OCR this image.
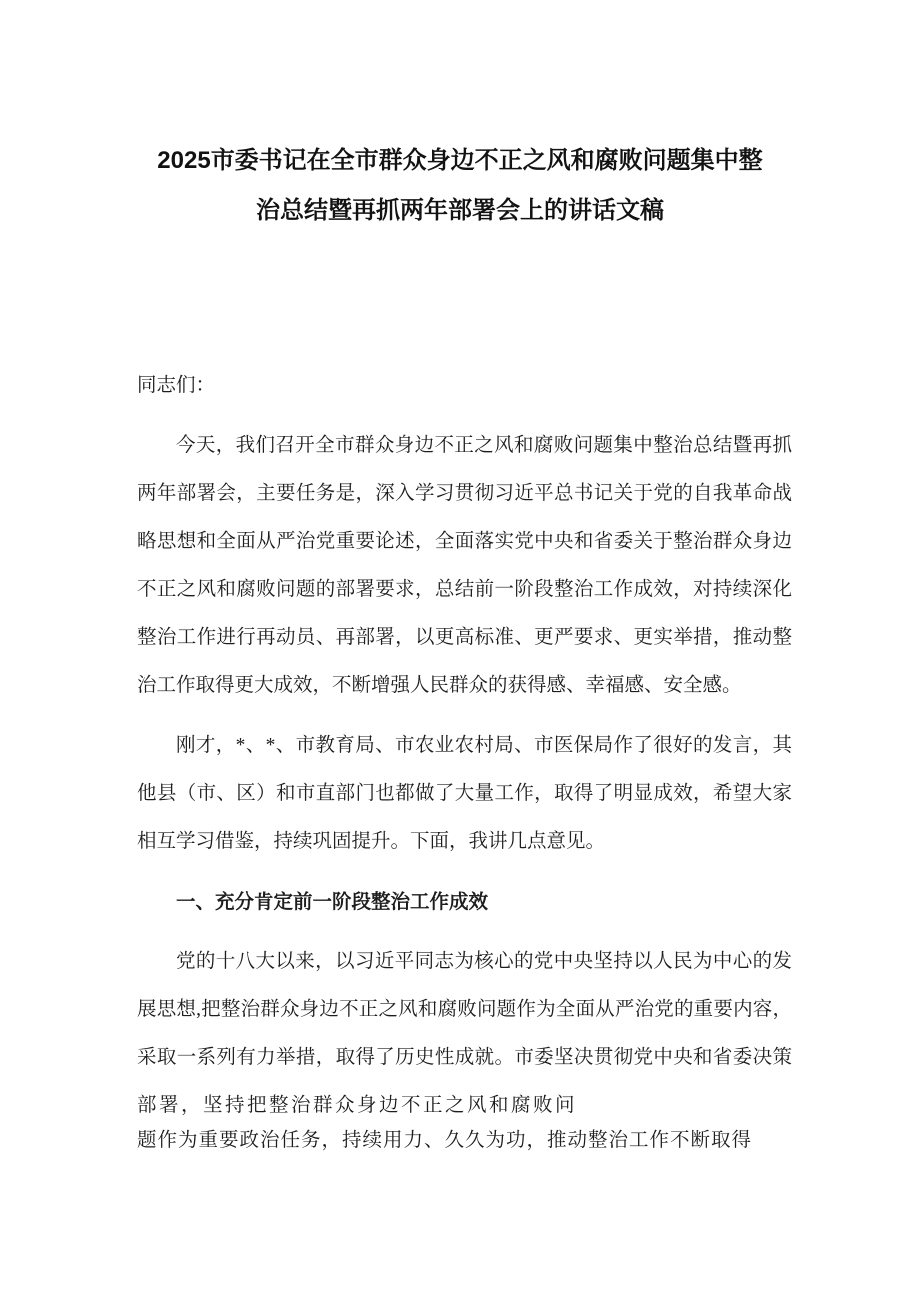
2025市委书记在全市群众身边不正之风和腐败问题集中整
治总结暨再抓两年部署会上的讲话文稿
同志们：
今天，我们召开全市群众身边不正之风和腐败问题集中整治总结暨再抓
两年部署会，主要任务是，深入学习贯彻习近平总书记关于党的自我革命战
略思想和全面从严治党重要论述，全面落实党中央和省委关于整治群众身边
不正之风和腐败问题的部署要求，总结前一阶段整治工作成效，对持续深化
整治工作进行再动员、再部署，以更高标准、更严要求、更实举措，推动整
治工作取得更大成效，不断增强人民群众的获得感、幸福感、安全感。
刚才，*、*、市教育局、市农业农村局、市医保局作了很好的发言，其
他县（市、区）和市直部门也都做了大量工作，取得了明显成效，希望大家
相互学习借鉴，持续巩固提升。下面，我讲几点意见。
一、充分肯定前一阶段整治工作成效
党的十八大以来，以习近平同志为核心的党中央坚持以人民为中心的发
展思想,把整治群众身边不正之风和腐败问题作为全面从严治党的重要内容，
采取一系列有力举措，取得了历史性成就。市委坚决贯彻党中央和省委决策
部署，坚持把整治群众身边不正之风和腐败问
题作为重要政治任务，持续用力、久久为功，推动整治工作不断取得
